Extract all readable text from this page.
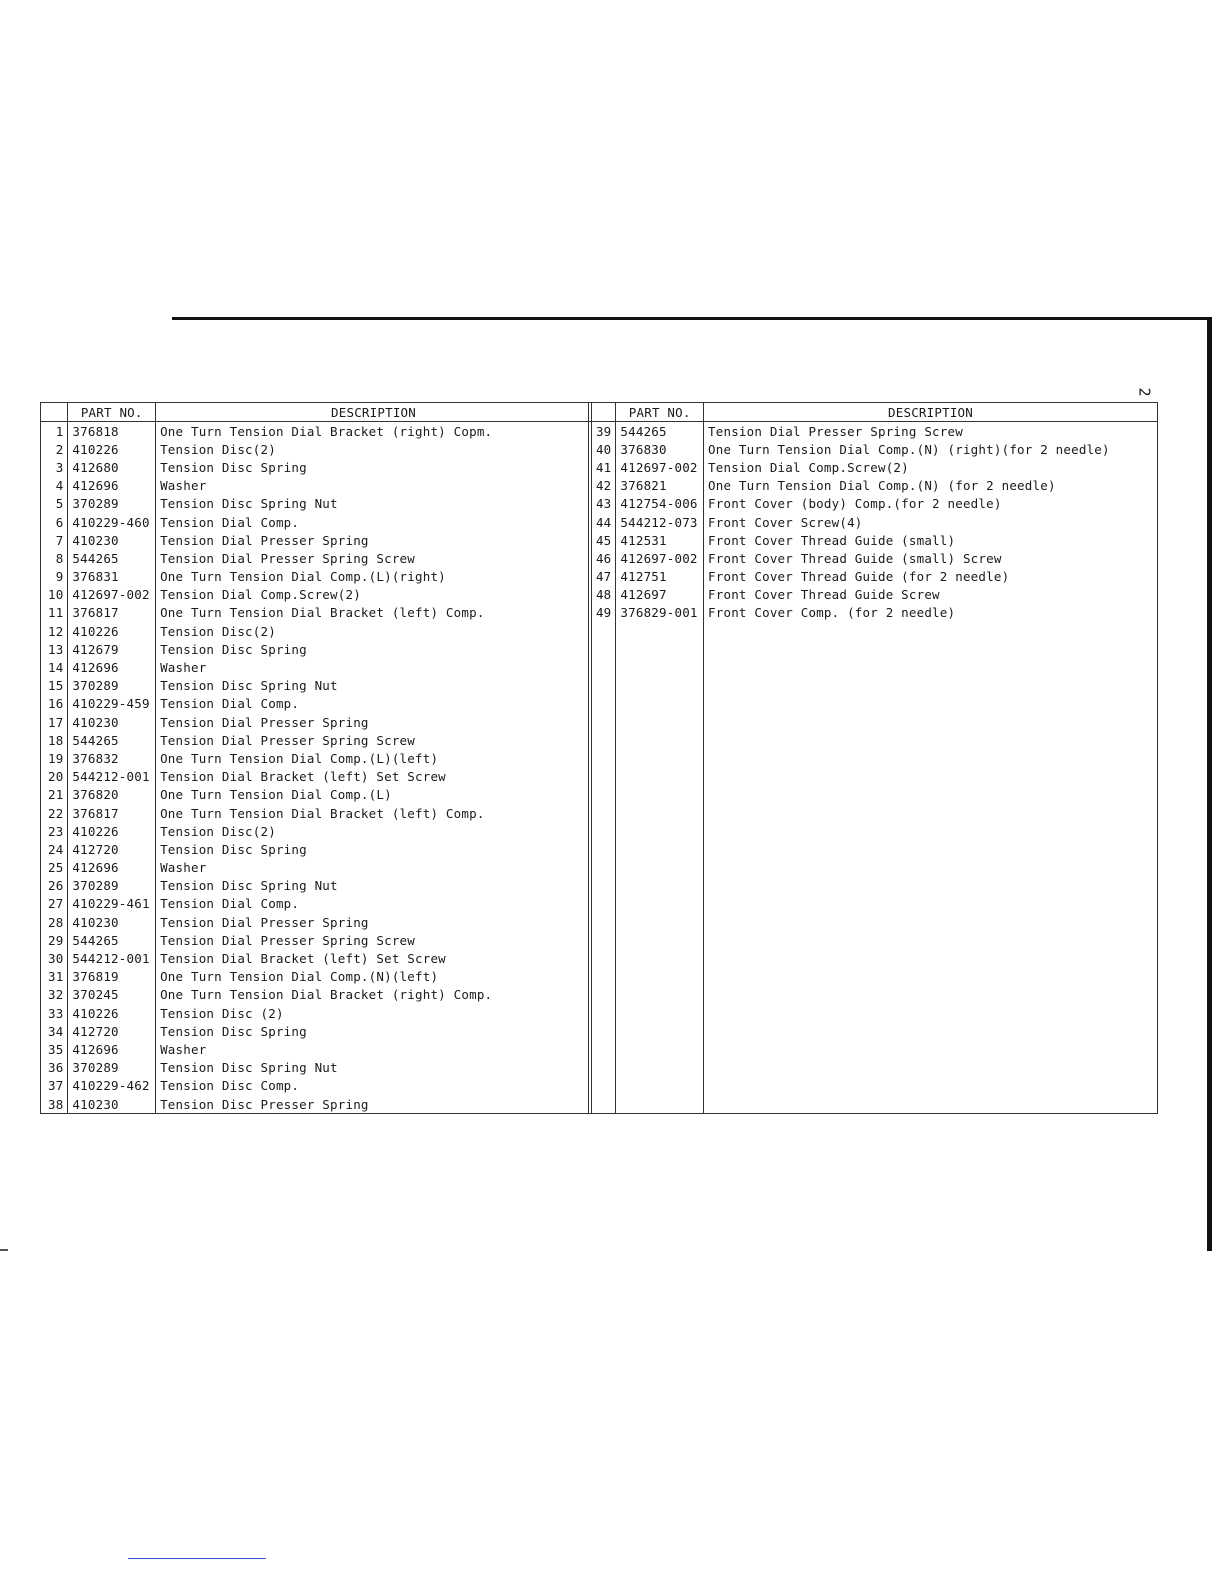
2
	PART NO.	DESCRIPTION
1	376818	One Turn Tension Dial Bracket (right) Copm.
2	410226	Tension Disc(2)
3	412680	Tension Disc Spring
4	412696	Washer
5	370289	Tension Disc Spring Nut
6	410229-460	Tension Dial Comp.
7	410230	Tension Dial Presser Spring
8	544265	Tension Dial Presser Spring Screw
9	376831	One Turn Tension Dial Comp.(L)(right)
10	412697-002	Tension Dial Comp.Screw(2)
11	376817	One Turn Tension Dial Bracket (left) Comp.
12	410226	Tension Disc(2)
13	412679	Tension Disc Spring
14	412696	Washer
15	370289	Tension Disc Spring Nut
16	410229-459	Tension Dial Comp.
17	410230	Tension Dial Presser Spring
18	544265	Tension Dial Presser Spring Screw
19	376832	One Turn Tension Dial Comp.(L)(left)
20	544212-001	Tension Dial Bracket (left) Set Screw
21	376820	One Turn Tension Dial Comp.(L)
22	376817	One Turn Tension Dial Bracket (left) Comp.
23	410226	Tension Disc(2)
24	412720	Tension Disc Spring
25	412696	Washer
26	370289	Tension Disc Spring Nut
27	410229-461	Tension Dial Comp.
28	410230	Tension Dial Presser Spring
29	544265	Tension Dial Presser Spring Screw
30	544212-001	Tension Dial Bracket (left) Set Screw
31	376819	One Turn Tension Dial Comp.(N)(left)
32	370245	One Turn Tension Dial Bracket (right) Comp.
33	410226	Tension Disc (2)
34	412720	Tension Disc Spring
35	412696	Washer
36	370289	Tension Disc Spring Nut
37	410229-462	Tension Disc Comp.
38	410230	Tension Disc Presser Spring
	PART NO.	DESCRIPTION
39	544265	Tension Dial Presser Spring Screw
40	376830	One Turn Tension Dial Comp.(N) (right)(for 2 needle)
41	412697-002	Tension Dial Comp.Screw(2)
42	376821	One Turn Tension Dial Comp.(N) (for 2 needle)
43	412754-006	Front Cover (body) Comp.(for 2 needle)
44	544212-073	Front Cover Screw(4)
45	412531	Front Cover Thread Guide (small)
46	412697-002	Front Cover Thread Guide (small) Screw
47	412751	Front Cover Thread Guide (for 2 needle)
48	412697	Front Cover Thread Guide Screw
49	376829-001	Front Cover Comp. (for 2 needle)
